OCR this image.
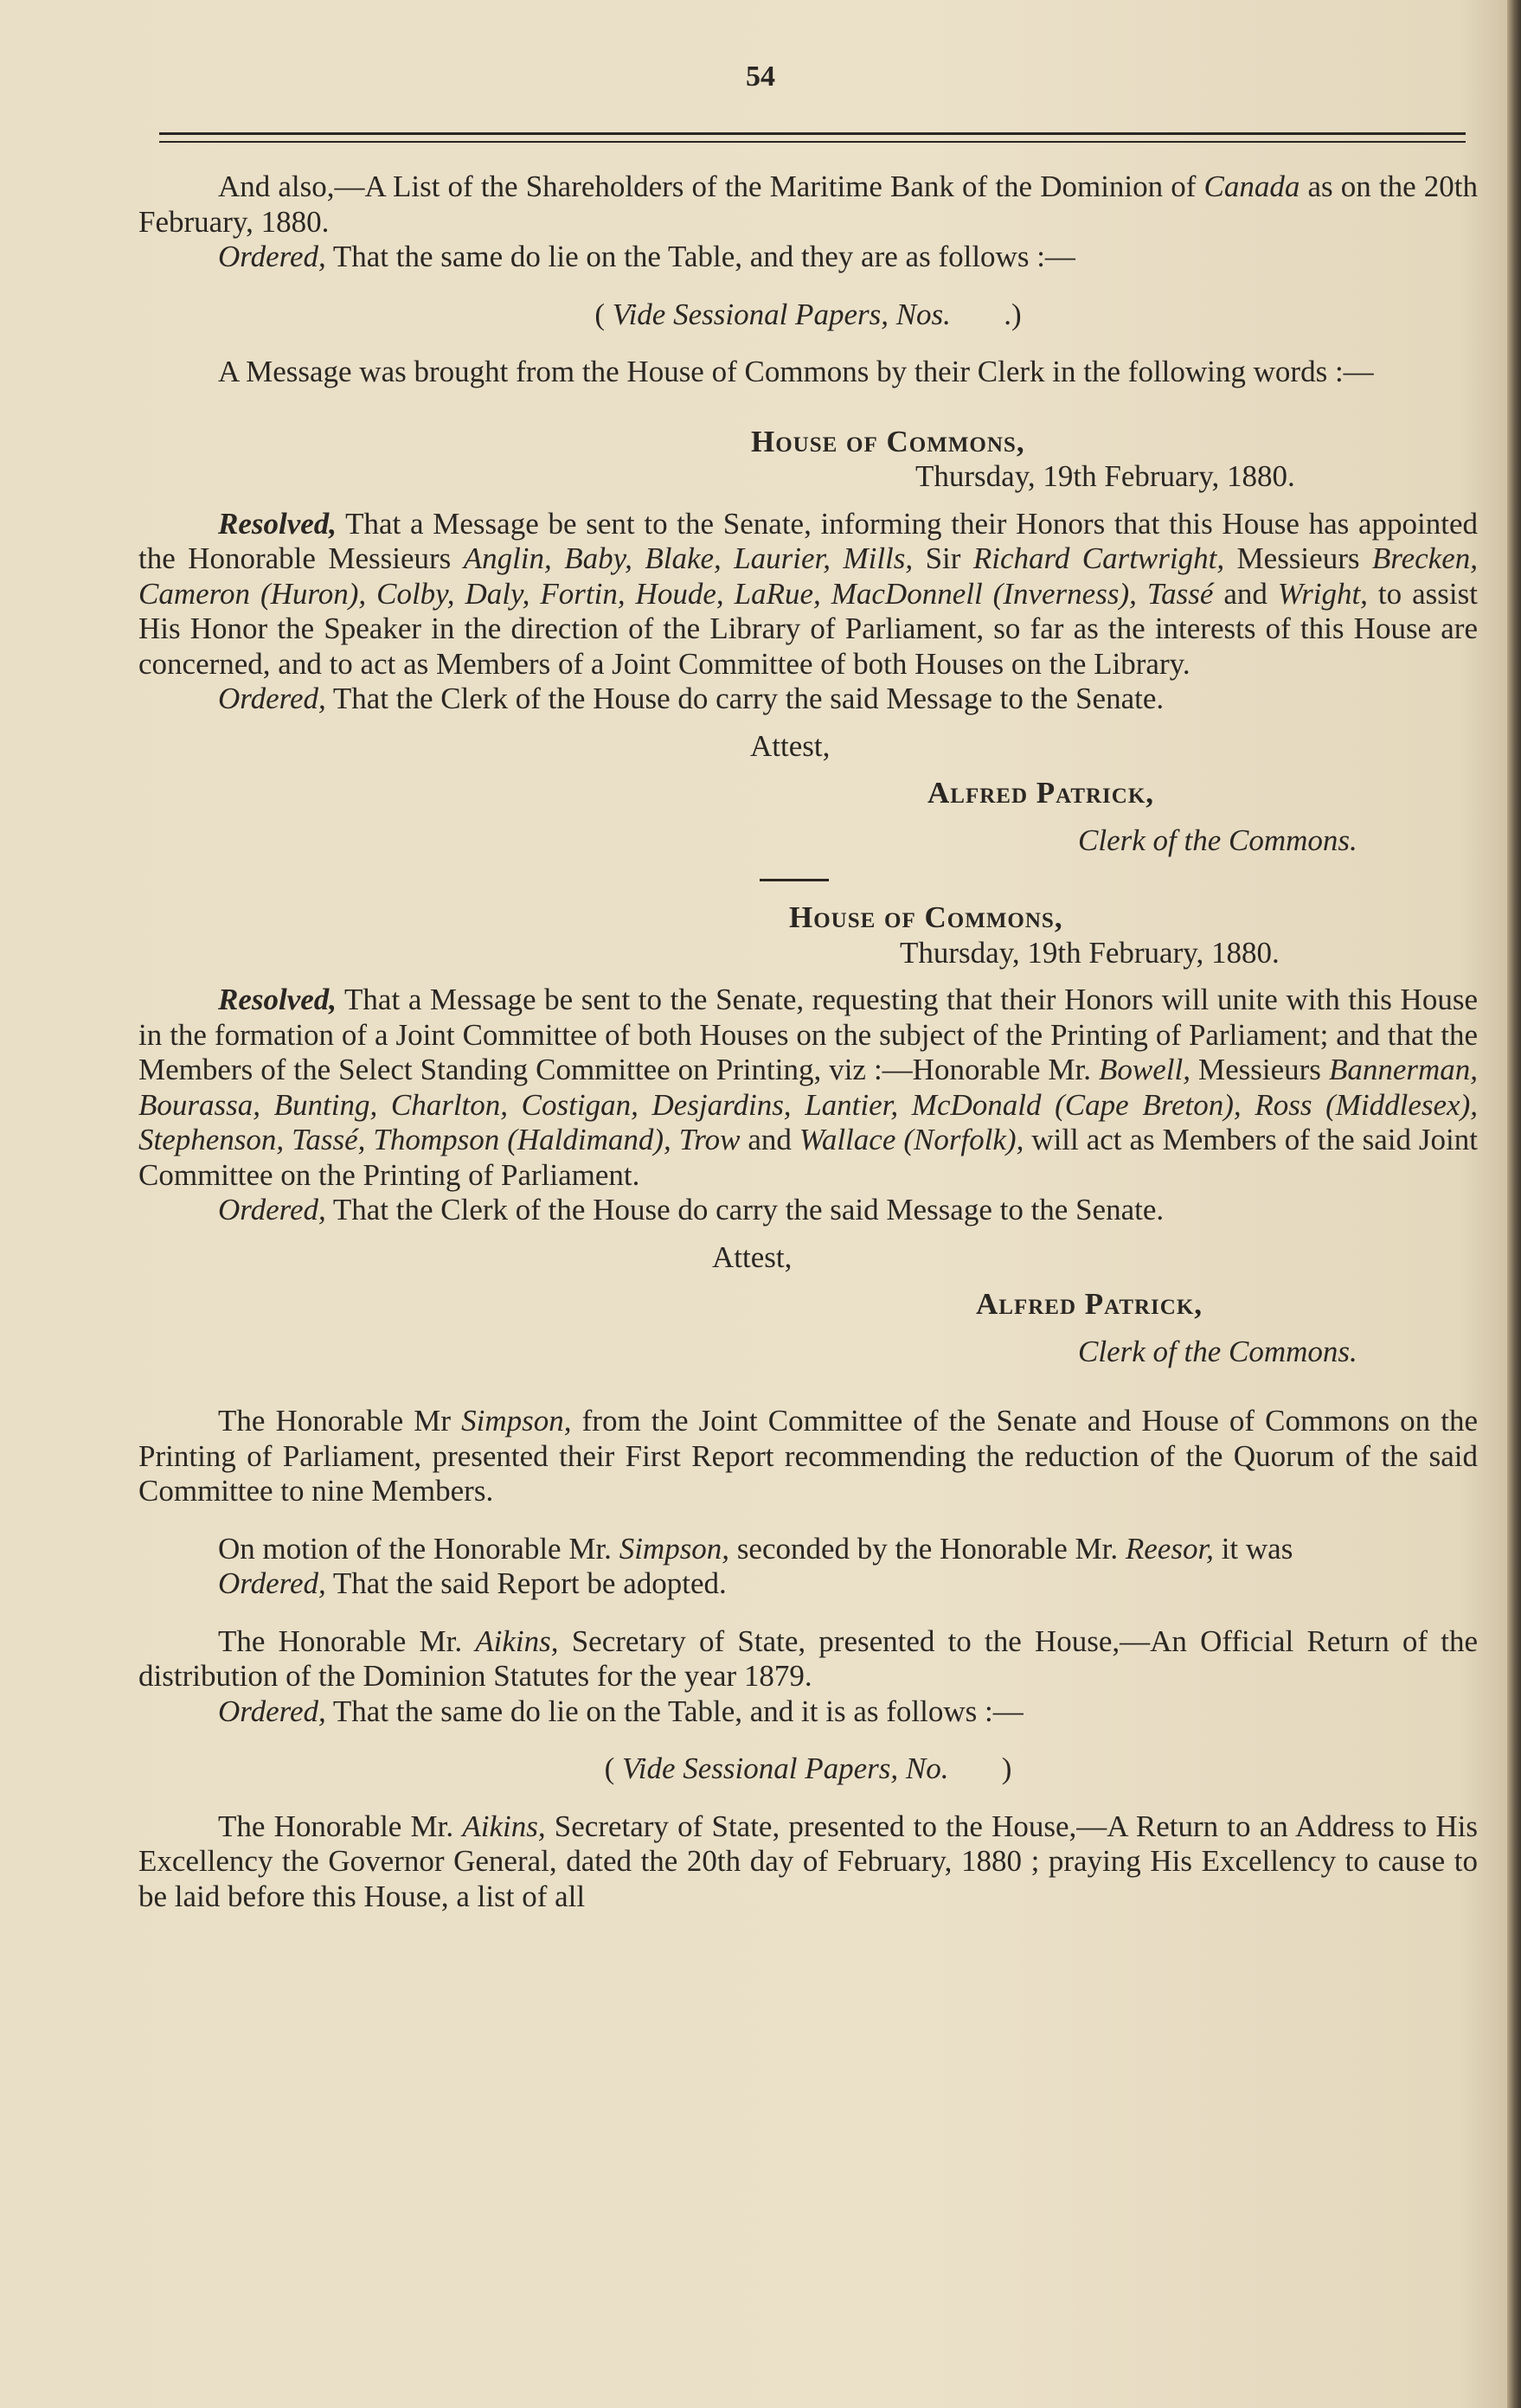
54

And also,—A List of the Shareholders of the Maritime Bank of the Dominion of Canada as on the 20th February, 1880.

Ordered, That the same do lie on the Table, and they are as follows :—

( Vide Sessional Papers, Nos.       .)

A Message was brought from the House of Commons by their Clerk in the following words :—

House of Commons,

Thursday, 19th February, 1880.

Resolved, That a Message be sent to the Senate, informing their Honors that this House has appointed the Honorable Messieurs Anglin, Baby, Blake, Laurier, Mills, Sir Richard Cartwright, Messieurs Brecken, Cameron (Huron), Colby, Daly, Fortin, Houde, LaRue, MacDonnell (Inverness), Tassé and Wright, to assist His Honor the Speaker in the direction of the Library of Parliament, so far as the interests of this House are concerned, and to act as Members of a Joint Committee of both Houses on the Library.

Ordered, That the Clerk of the House do carry the said Message to the Senate.

Attest,

Alfred Patrick,

Clerk of the Commons.

House of Commons,

Thursday, 19th February, 1880.

Resolved, That a Message be sent to the Senate, requesting that their Honors will unite with this House in the formation of a Joint Committee of both Houses on the subject of the Printing of Parliament; and that the Members of the Select Standing Committee on Printing, viz :—Honorable Mr. Bowell, Messieurs Bannerman, Bourassa, Bunting, Charlton, Costigan, Desjardins, Lantier, McDonald (Cape Breton), Ross (Middlesex), Stephenson, Tassé, Thompson (Haldimand), Trow and Wallace (Norfolk), will act as Members of the said Joint Committee on the Printing of Parliament.

Ordered, That the Clerk of the House do carry the said Message to the Senate.

Attest,

Alfred Patrick,

Clerk of the Commons.

The Honorable Mr Simpson, from the Joint Committee of the Senate and House of Commons on the Printing of Parliament, presented their First Report recommending the reduction of the Quorum of the said Committee to nine Members.

On motion of the Honorable Mr. Simpson, seconded by the Honorable Mr. Reesor, it was

Ordered, That the said Report be adopted.

The Honorable Mr. Aikins, Secretary of State, presented to the House,—An Official Return of the distribution of the Dominion Statutes for the year 1879.

Ordered, That the same do lie on the Table, and it is as follows :—

( Vide Sessional Papers, No.       )

The Honorable Mr. Aikins, Secretary of State, presented to the House,—A Return to an Address to His Excellency the Governor General, dated the 20th day of February, 1880 ; praying His Excellency to cause to be laid before this House, a list of all
